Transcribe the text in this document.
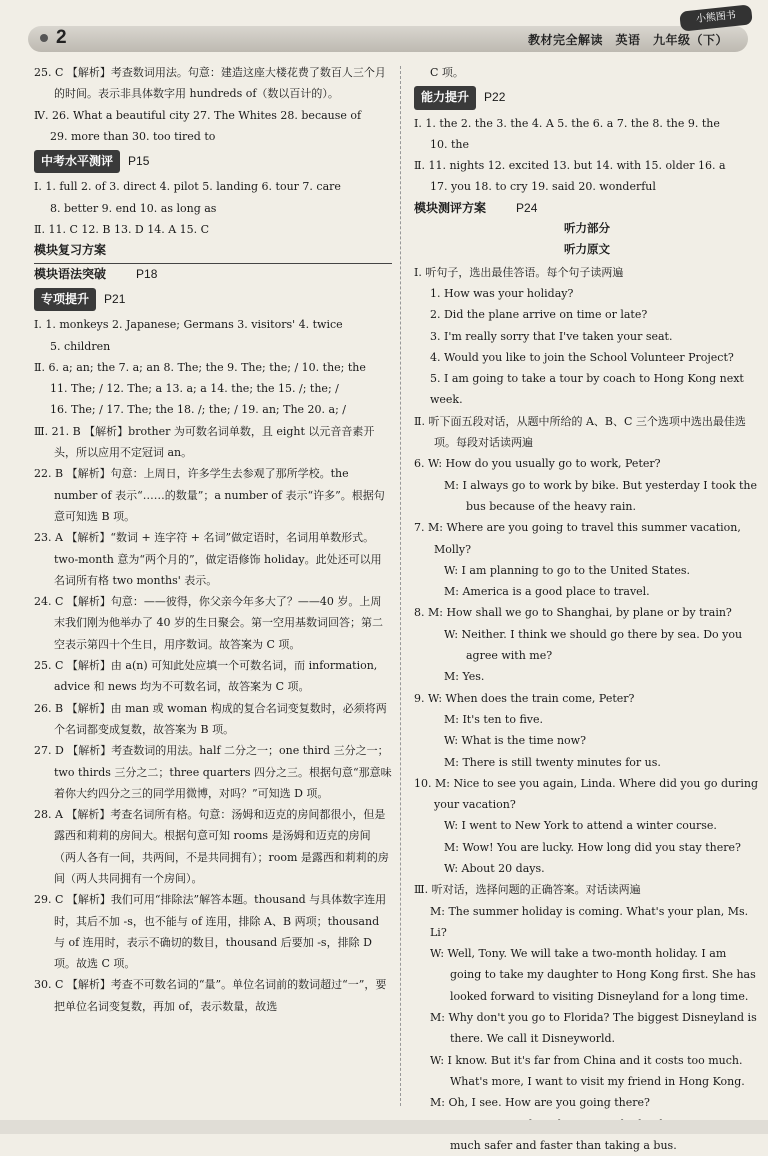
2	教材完全解读　英语　九年级（下）
小熊图书
25. C 【解析】考查数词用法。句意：建造这座大楼花费了数百人三个月的时间。表示非具体数字用 hundreds of（数以百计的）。
Ⅳ. 26. What a beautiful city 27. The Whites 28. because of
29. more than 30. too tired to
中考水平测评 P15
Ⅰ. 1. full 2. of 3. direct 4. pilot 5. landing 6. tour 7. care
8. better 9. end 10. as long as
Ⅱ. 11. C 12. B 13. D 14. A 15. C
模块复习方案
模块语法突破	P18
专项提升 P21
Ⅰ. 1. monkeys 2. Japanese; Germans 3. visitors' 4. twice
5. children
Ⅱ. 6. a; an; the 7. a; an 8. The; the 9. The; the; / 10. the; the
11. The; / 12. The; a 13. a; a 14. the; the 15. /; the; /
16. The; / 17. The; the 18. /; the; / 19. an; The 20. a; /
Ⅲ. 21. B 【解析】brother 为可数名词单数，且 eight 以元音音素开头，所以应用不定冠词 an。
22. B 【解析】句意：上周日，许多学生去参观了那所学校。the number of 表示“……的数量”；a number of 表示“许多”。根据句意可知选 B 项。
23. A 【解析】“数词 + 连字符 + 名词”做定语时，名词用单数形式。two-month 意为“两个月的”，做定语修饰 holiday。此处还可以用名词所有格 two months' 表示。
24. C 【解析】句意：——彼得，你父亲今年多大了？——40 岁。上周末我们刚为他举办了 40 岁的生日聚会。第一空用基数词回答；第二空表示第四十个生日，用序数词。故答案为 C 项。
25. C 【解析】由 a(n) 可知此处应填一个可数名词，而 information, advice 和 news 均为不可数名词，故答案为 C 项。
26. B 【解析】由 man 或 woman 构成的复合名词变复数时，必须将两个名词都变成复数，故答案为 B 项。
27. D 【解析】考查数词的用法。half 二分之一；one third 三分之一；two thirds 三分之二；three quarters 四分之三。根据句意“那意味着你大约四分之三的同学用微博，对吗？”可知选 D 项。
28. A 【解析】考查名词所有格。句意：汤姆和迈克的房间都很小，但是露西和莉莉的房间大。根据句意可知 rooms 是汤姆和迈克的房间（两人各有一间，共两间，不是共同拥有）；room 是露西和莉莉的房间（两人共同拥有一个房间）。
29. C 【解析】我们可用“排除法”解答本题。thousand 与具体数字连用时，其后不加 -s，也不能与 of 连用，排除 A、B 两项；thousand 与 of 连用时，表示不确切的数目，thousand 后要加 -s，排除 D 项。故选 C 项。
30. C 【解析】考查不可数名词的“量”。单位名词前的数词超过“一”，要把单位名词变复数，再加 of，表示数量，故选
C 项。
能力提升 P22
Ⅰ. 1. the 2. the 3. the 4. A 5. the 6. a 7. the 8. the 9. the
10. the
Ⅱ. 11. nights 12. excited 13. but 14. with 15. older 16. a
17. you 18. to cry 19. said 20. wonderful
模块测评方案	P24
听力部分
听力原文
Ⅰ. 听句子，选出最佳答语。每个句子读两遍
1. How was your holiday?
2. Did the plane arrive on time or late?
3. I'm really sorry that I've taken your seat.
4. Would you like to join the School Volunteer Project?
5. I am going to take a tour by coach to Hong Kong next week.
Ⅱ. 听下面五段对话，从题中所给的 A、B、C 三个选项中选出最佳选项。每段对话读两遍
6. W: How do you usually go to work, Peter?
M: I always go to work by bike. But yesterday I took the bus because of the heavy rain.
7. M: Where are you going to travel this summer vacation, Molly?
W: I am planning to go to the United States.
M: America is a good place to travel.
8. M: How shall we go to Shanghai, by plane or by train?
W: Neither. I think we should go there by sea. Do you agree with me?
M: Yes.
9. W: When does the train come, Peter?
M: It's ten to five.
W: What is the time now?
M: There is still twenty minutes for us.
10. M: Nice to see you again, Linda. Where did you go during your vacation?
W: I went to New York to attend a winter course.
M: Wow! You are lucky. How long did you stay there?
W: About 20 days.
Ⅲ. 听对话，选择问题的正确答案。对话读两遍
M: The summer holiday is coming. What's your plan, Ms. Li?
W: Well, Tony. We will take a two-month holiday. I am going to take my daughter to Hong Kong first. She has looked forward to visiting Disneyland for a long time.
M: Why don't you go to Florida? The biggest Disneyland is there. We call it Disneyworld.
W: I know. But it's far from China and it costs too much. What's more, I want to visit my friend in Hong Kong.
M: Oh, I see. How are you going there?
much safer and faster than taking a bus.
